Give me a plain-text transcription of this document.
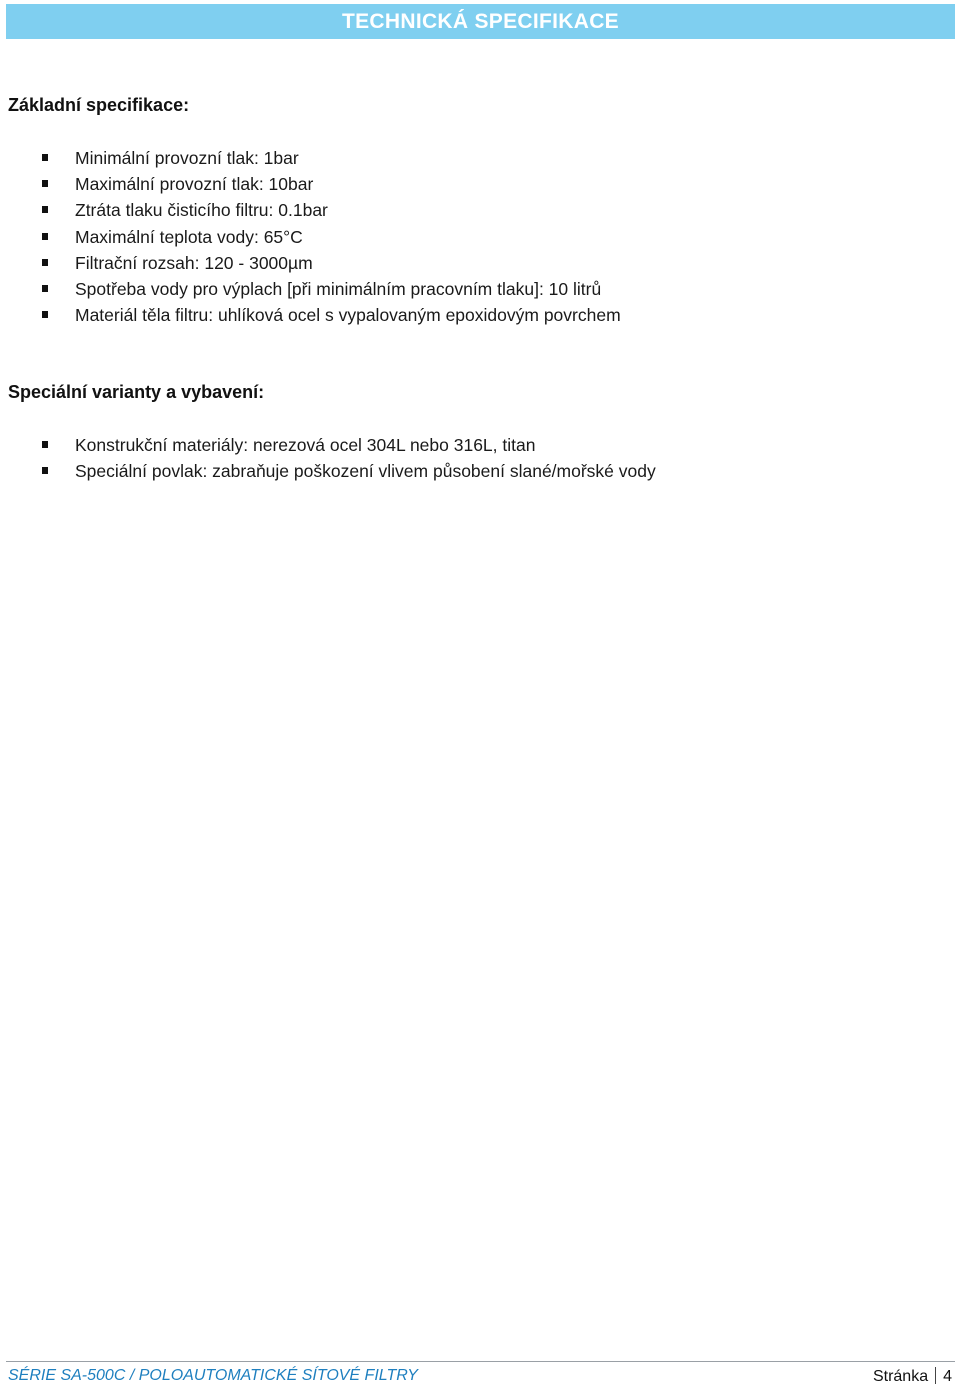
TECHNICKÁ SPECIFIKACE
Základní specifikace:
Minimální provozní tlak: 1bar
Maximální provozní tlak: 10bar
Ztráta tlaku čisticího filtru: 0.1bar
Maximální teplota vody: 65°C
Filtrační rozsah: 120 - 3000µm
Spotřeba vody pro výplach [při minimálním pracovním tlaku]: 10 litrů
Materiál těla filtru: uhlíková ocel s vypalovaným epoxidovým povrchem
Speciální varianty a vybavení:
Konstrukční materiály: nerezová ocel 304L nebo 316L, titan
Speciální povlak: zabraňuje poškození vlivem působení slané/mořské vody
SÉRIE SA-500C / POLOAUTOMATICKÉ SÍTOVÉ FILTRY	Stránka 4
